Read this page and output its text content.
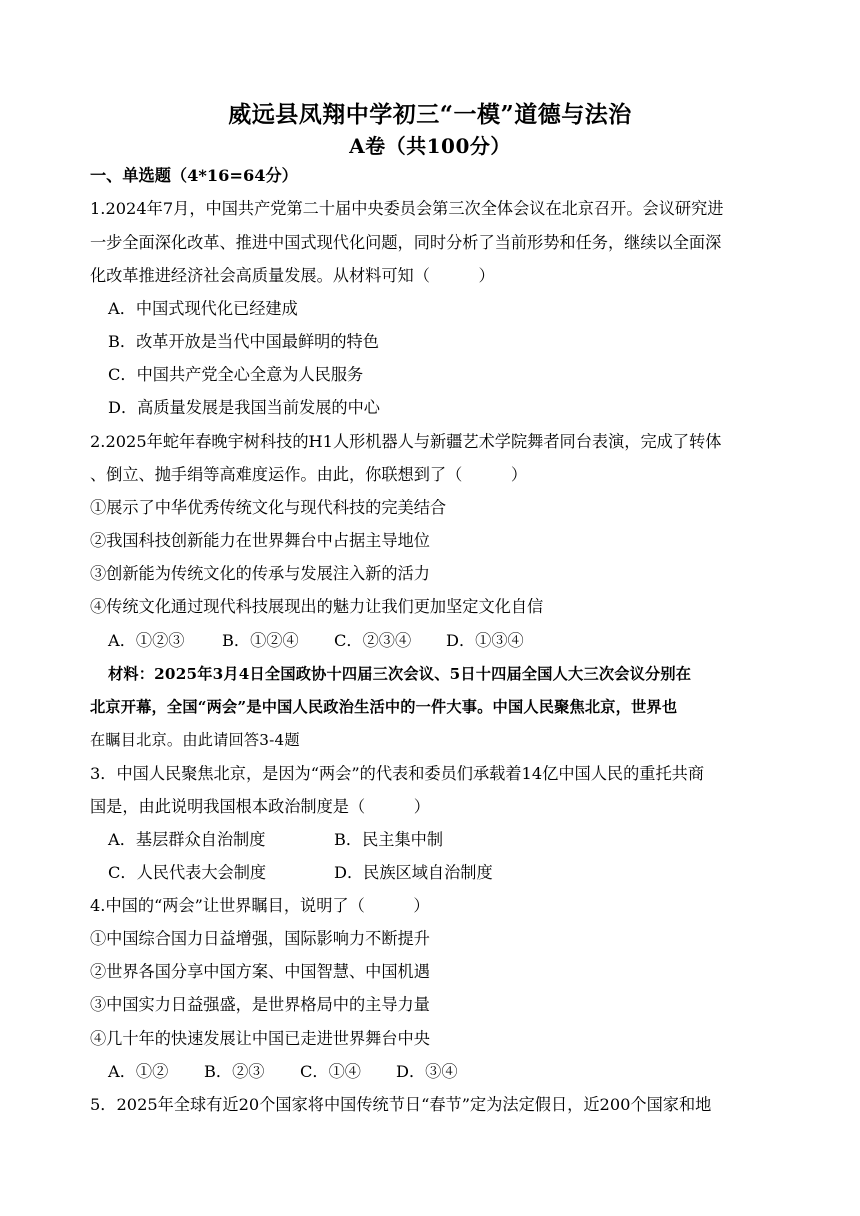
威远县凤翔中学初三“一模”道德与法治
A卷（共100分）
一、单选题（4*16=64分）
1.2024年7月，中国共产党第二十届中央委员会第三次全体会议在北京召开。会议研究进
一步全面深化改革、推进中国式现代化问题，同时分析了当前形势和任务，继续以全面深
化改革推进经济社会高质量发展。从材料可知（　　　）
A．中国式现代化已经建成
B．改革开放是当代中国最鲜明的特色
C．中国共产党全心全意为人民服务
D．高质量发展是我国当前发展的中心
2.2025年蛇年春晚宇树科技的H1人形机器人与新疆艺术学院舞者同台表演，完成了转体
、倒立、抛手绢等高难度运作。由此，你联想到了（　　　）
①展示了中华优秀传统文化与现代科技的完美结合
②我国科技创新能力在世界舞台中占据主导地位
③创新能为传统文化的传承与发展注入新的活力
④传统文化通过现代科技展现出的魅力让我们更加坚定文化自信
A．①②③ B．①②④ C．②③④ D．①③④
材料：2025年3月4日全国政协十四届三次会议、5日十四届全国人大三次会议分别在
北京开幕，全国“两会”是中国人民政治生活中的一件大事。中国人民聚焦北京，世界也
在瞩目北京。由此请回答3-4题
3．中国人民聚焦北京，是因为“两会”的代表和委员们承载着14亿中国人民的重托共商
国是，由此说明我国根本政治制度是（　　　）
A．基层群众自治制度	B．民主集中制
C．人民代表大会制度	D．民族区域自治制度
4.中国的“两会”让世界瞩目，说明了（　　　）
①中国综合国力日益增强，国际影响力不断提升
②世界各国分享中国方案、中国智慧、中国机遇
③中国实力日益强盛，是世界格局中的主导力量
④几十年的快速发展让中国已走进世界舞台中央
A．①② B．②③ C．①④ D．③④
5．2025年全球有近20个国家将中国传统节日“春节”定为法定假日，近200个国家和地
